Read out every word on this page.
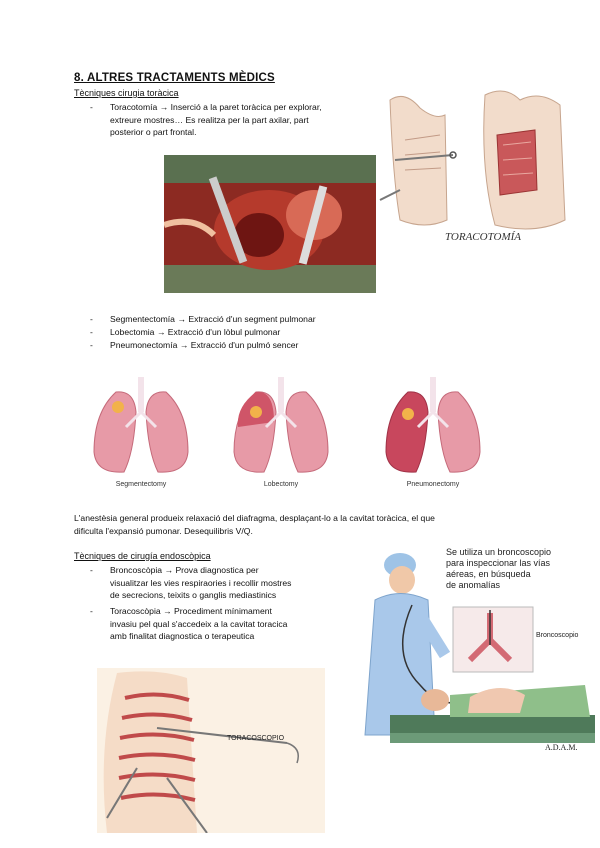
8. ALTRES TRACTAMENTS MÈDICS
Tècniques cirugia toràcica
- Toracotomía → Inserció a la paret toràcica per explorar,
extreure mostres… Es realitza per la part axilar, part
posterior o part frontal.
TORACOTOMÍA
- Segmentectomía → Extracció d'un segment pulmonar
- Lobectomia → Extracció d'un lòbul pulmonar
- Pneumonectomía → Extracció d'un pulmó sencer
Segmentectomy	Lobectomy	Pneumonectomy
L'anestèsia general produeix relaxació del diafragma, desplaçant-lo a la cavitat toràcica, el que
dificulta l'expansió pumonar. Desequilibris V/Q.
Tècniques de cirugía endoscòpica
- Broncoscòpia → Prova diagnostica per
visualitzar les vies respiraories i recollir mostres
de secrecions, teixits o ganglis mediastinics
- Toracoscòpia → Procediment mínimament
invasiu pel qual s'accedeix a la cavitat toracica
amb finalitat diagnostica o terapeutica
Se utiliza un broncoscopio
para inspeccionar las vías
aéreas, en búsqueda
de anomalías
Broncoscopio
A.D.A.M.
TORACOSCOPIO
